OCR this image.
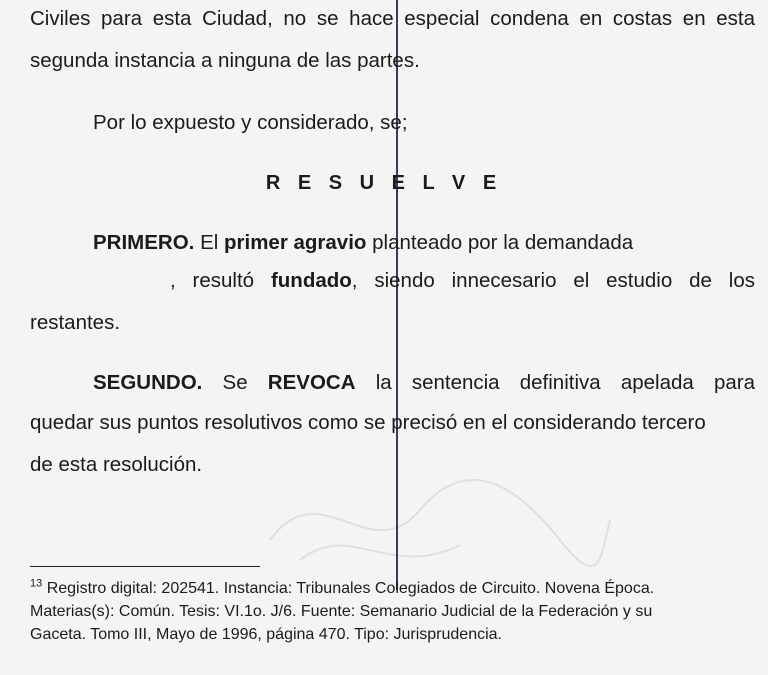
Civiles para esta Ciudad, no se hace especial condena en costas en esta
segunda instancia a ninguna de las partes.
Por lo expuesto y considerado, se;
R E S U E L V E
PRIMERO. El primer agravio planteado por la demandada
, resultó fundado, siendo innecesario el estudio de los
restantes.
SEGUNDO. Se REVOCA la sentencia definitiva apelada para
quedar sus puntos resolutivos como se precisó en el considerando tercero
de esta resolución.
$^{13}$ Registro digital: 202541. Instancia: Tribunales Colegiados de Circuito. Novena Época.
Materias(s): Común. Tesis: VI.1o. J/6. Fuente: Semanario Judicial de la Federación y su
Gaceta. Tomo III, Mayo de 1996, página 470. Tipo: Jurisprudencia.
